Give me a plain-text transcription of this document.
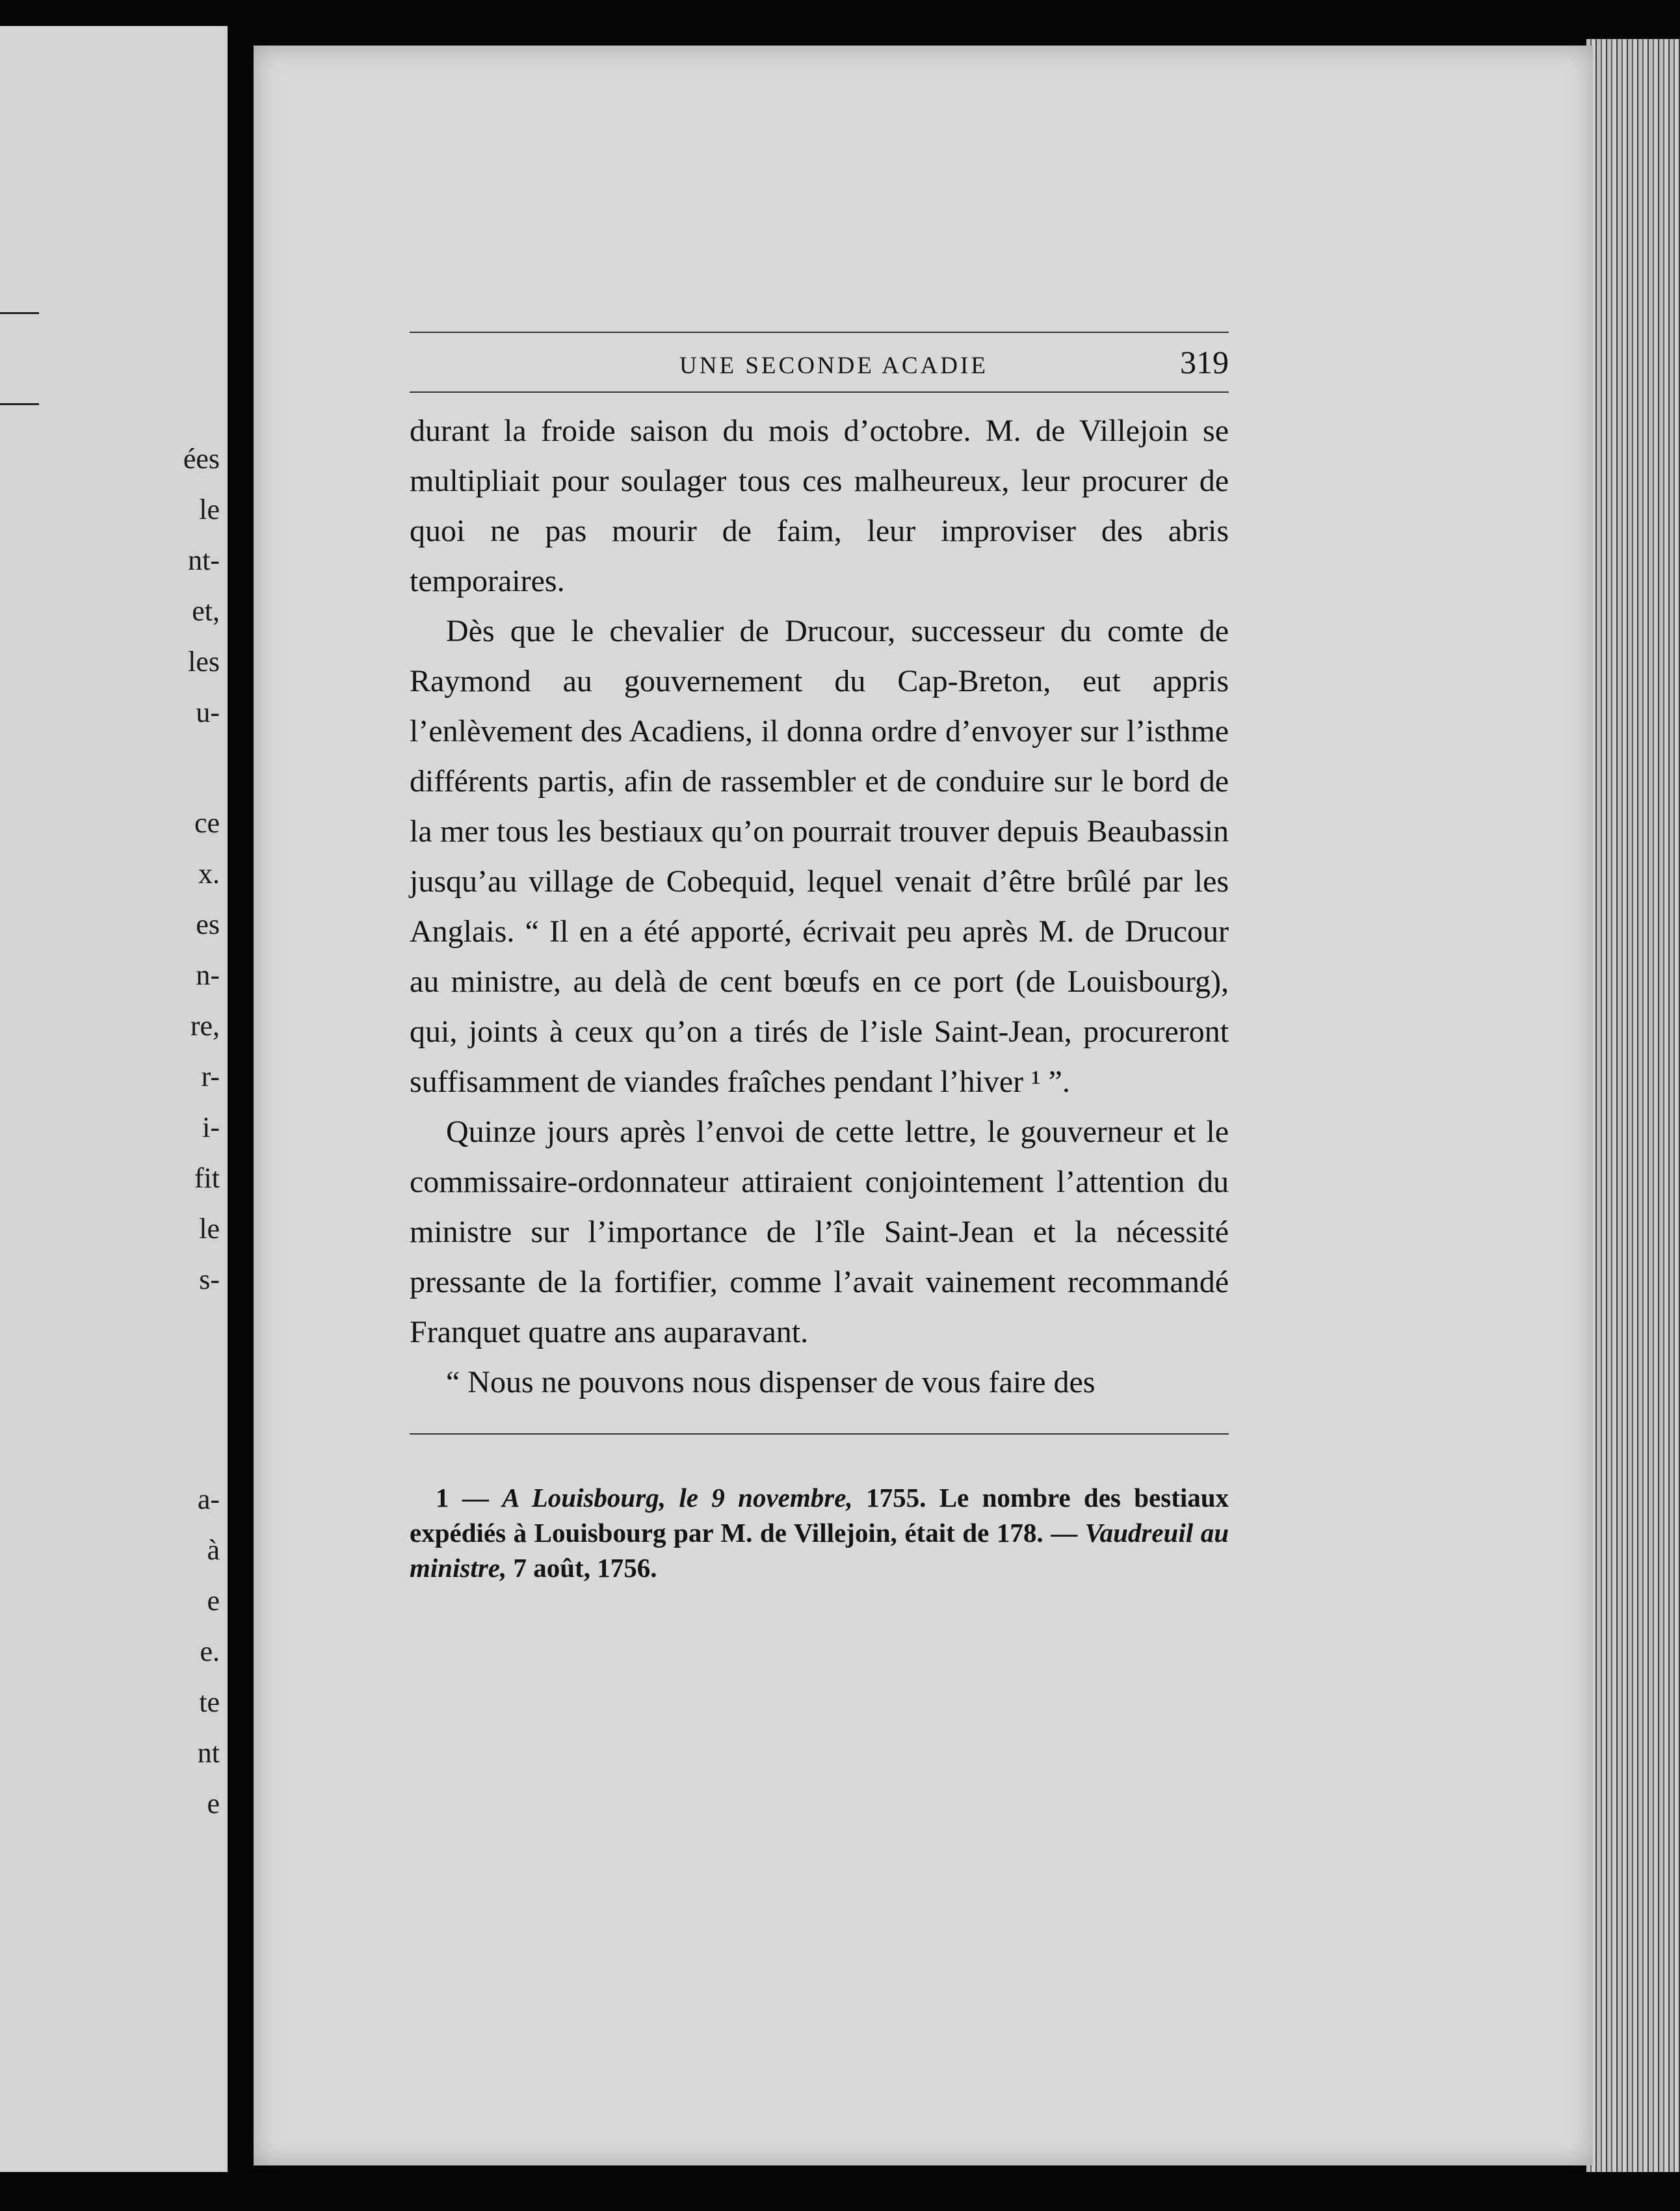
ées
le
nt-
et,
les
u-
ce
x.
es
n-
re,
r-
i-
fit
le
s-
a-
à
e
e.
te
nt
e
UNE SECONDE ACADIE	319

durant la froide saison du mois d’octobre. M. de Villejoin se multipliait pour soulager tous ces malheureux, leur procurer de quoi ne pas mourir de faim, leur improviser des abris temporaires.

Dès que le chevalier de Drucour, successeur du comte de Raymond au gouvernement du Cap-Breton, eut appris l’enlèvement des Acadiens, il donna ordre d’envoyer sur l’isthme différents partis, afin de rassembler et de conduire sur le bord de la mer tous les bestiaux qu’on pourrait trouver depuis Beaubassin jusqu’au village de Cobequid, lequel venait d’être brûlé par les Anglais. “ Il en a été apporté, écrivait peu après M. de Drucour au ministre, au delà de cent bœufs en ce port (de Louisbourg), qui, joints à ceux qu’on a tirés de l’isle Saint-Jean, procureront suffisamment de viandes fraîches pendant l’hiver ¹ ”.

Quinze jours après l’envoi de cette lettre, le gouverneur et le commissaire-ordonnateur attiraient conjointement l’attention du ministre sur l’importance de l’île Saint-Jean et la nécessité pressante de la fortifier, comme l’avait vainement recommandé Franquet quatre ans auparavant.

“ Nous ne pouvons nous dispenser de vous faire des

1 — A Louisbourg, le 9 novembre, 1755. Le nombre des bestiaux expédiés à Louisbourg par M. de Villejoin, était de 178. — Vaudreuil au ministre, 7 août, 1756.
